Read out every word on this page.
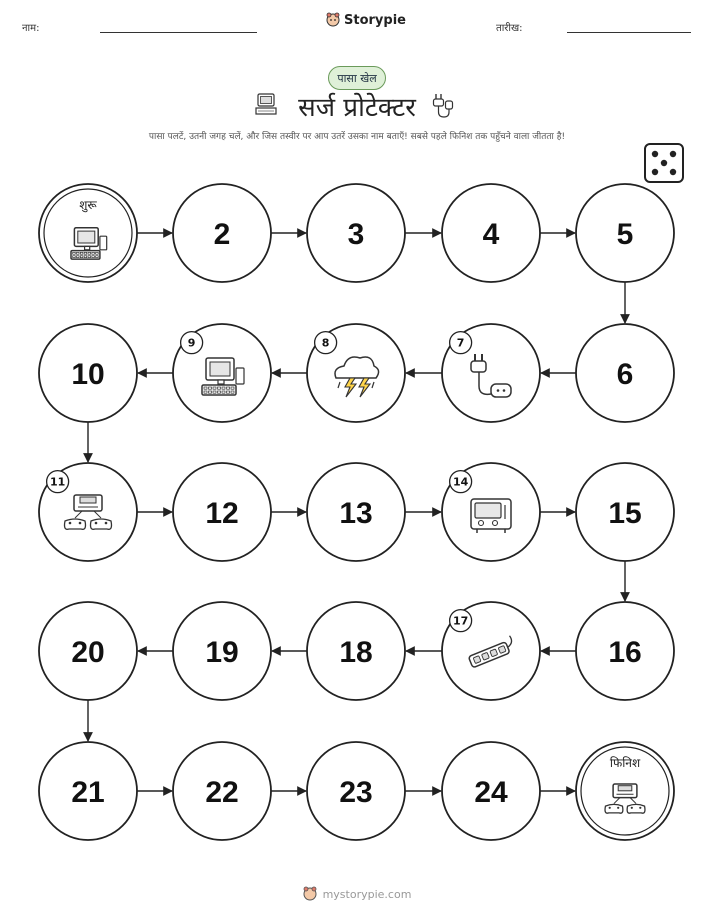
नाम:
Storypie
तारीख:
पासा खेल
सर्ज प्रोटेक्टर
पासा पलटें, उतनी जगह चलें, और जिस तस्वीर पर आप उतरें उसका नाम बताएँ! सबसे पहले फिनिश तक पहुँचने वाला जीतता है!
शुरू
2	3	4	5
6
7
8
9
10
11
12	13
14
15
16
17
18
19
20
21	22	23	24
फिनिश
mystorypie.com
